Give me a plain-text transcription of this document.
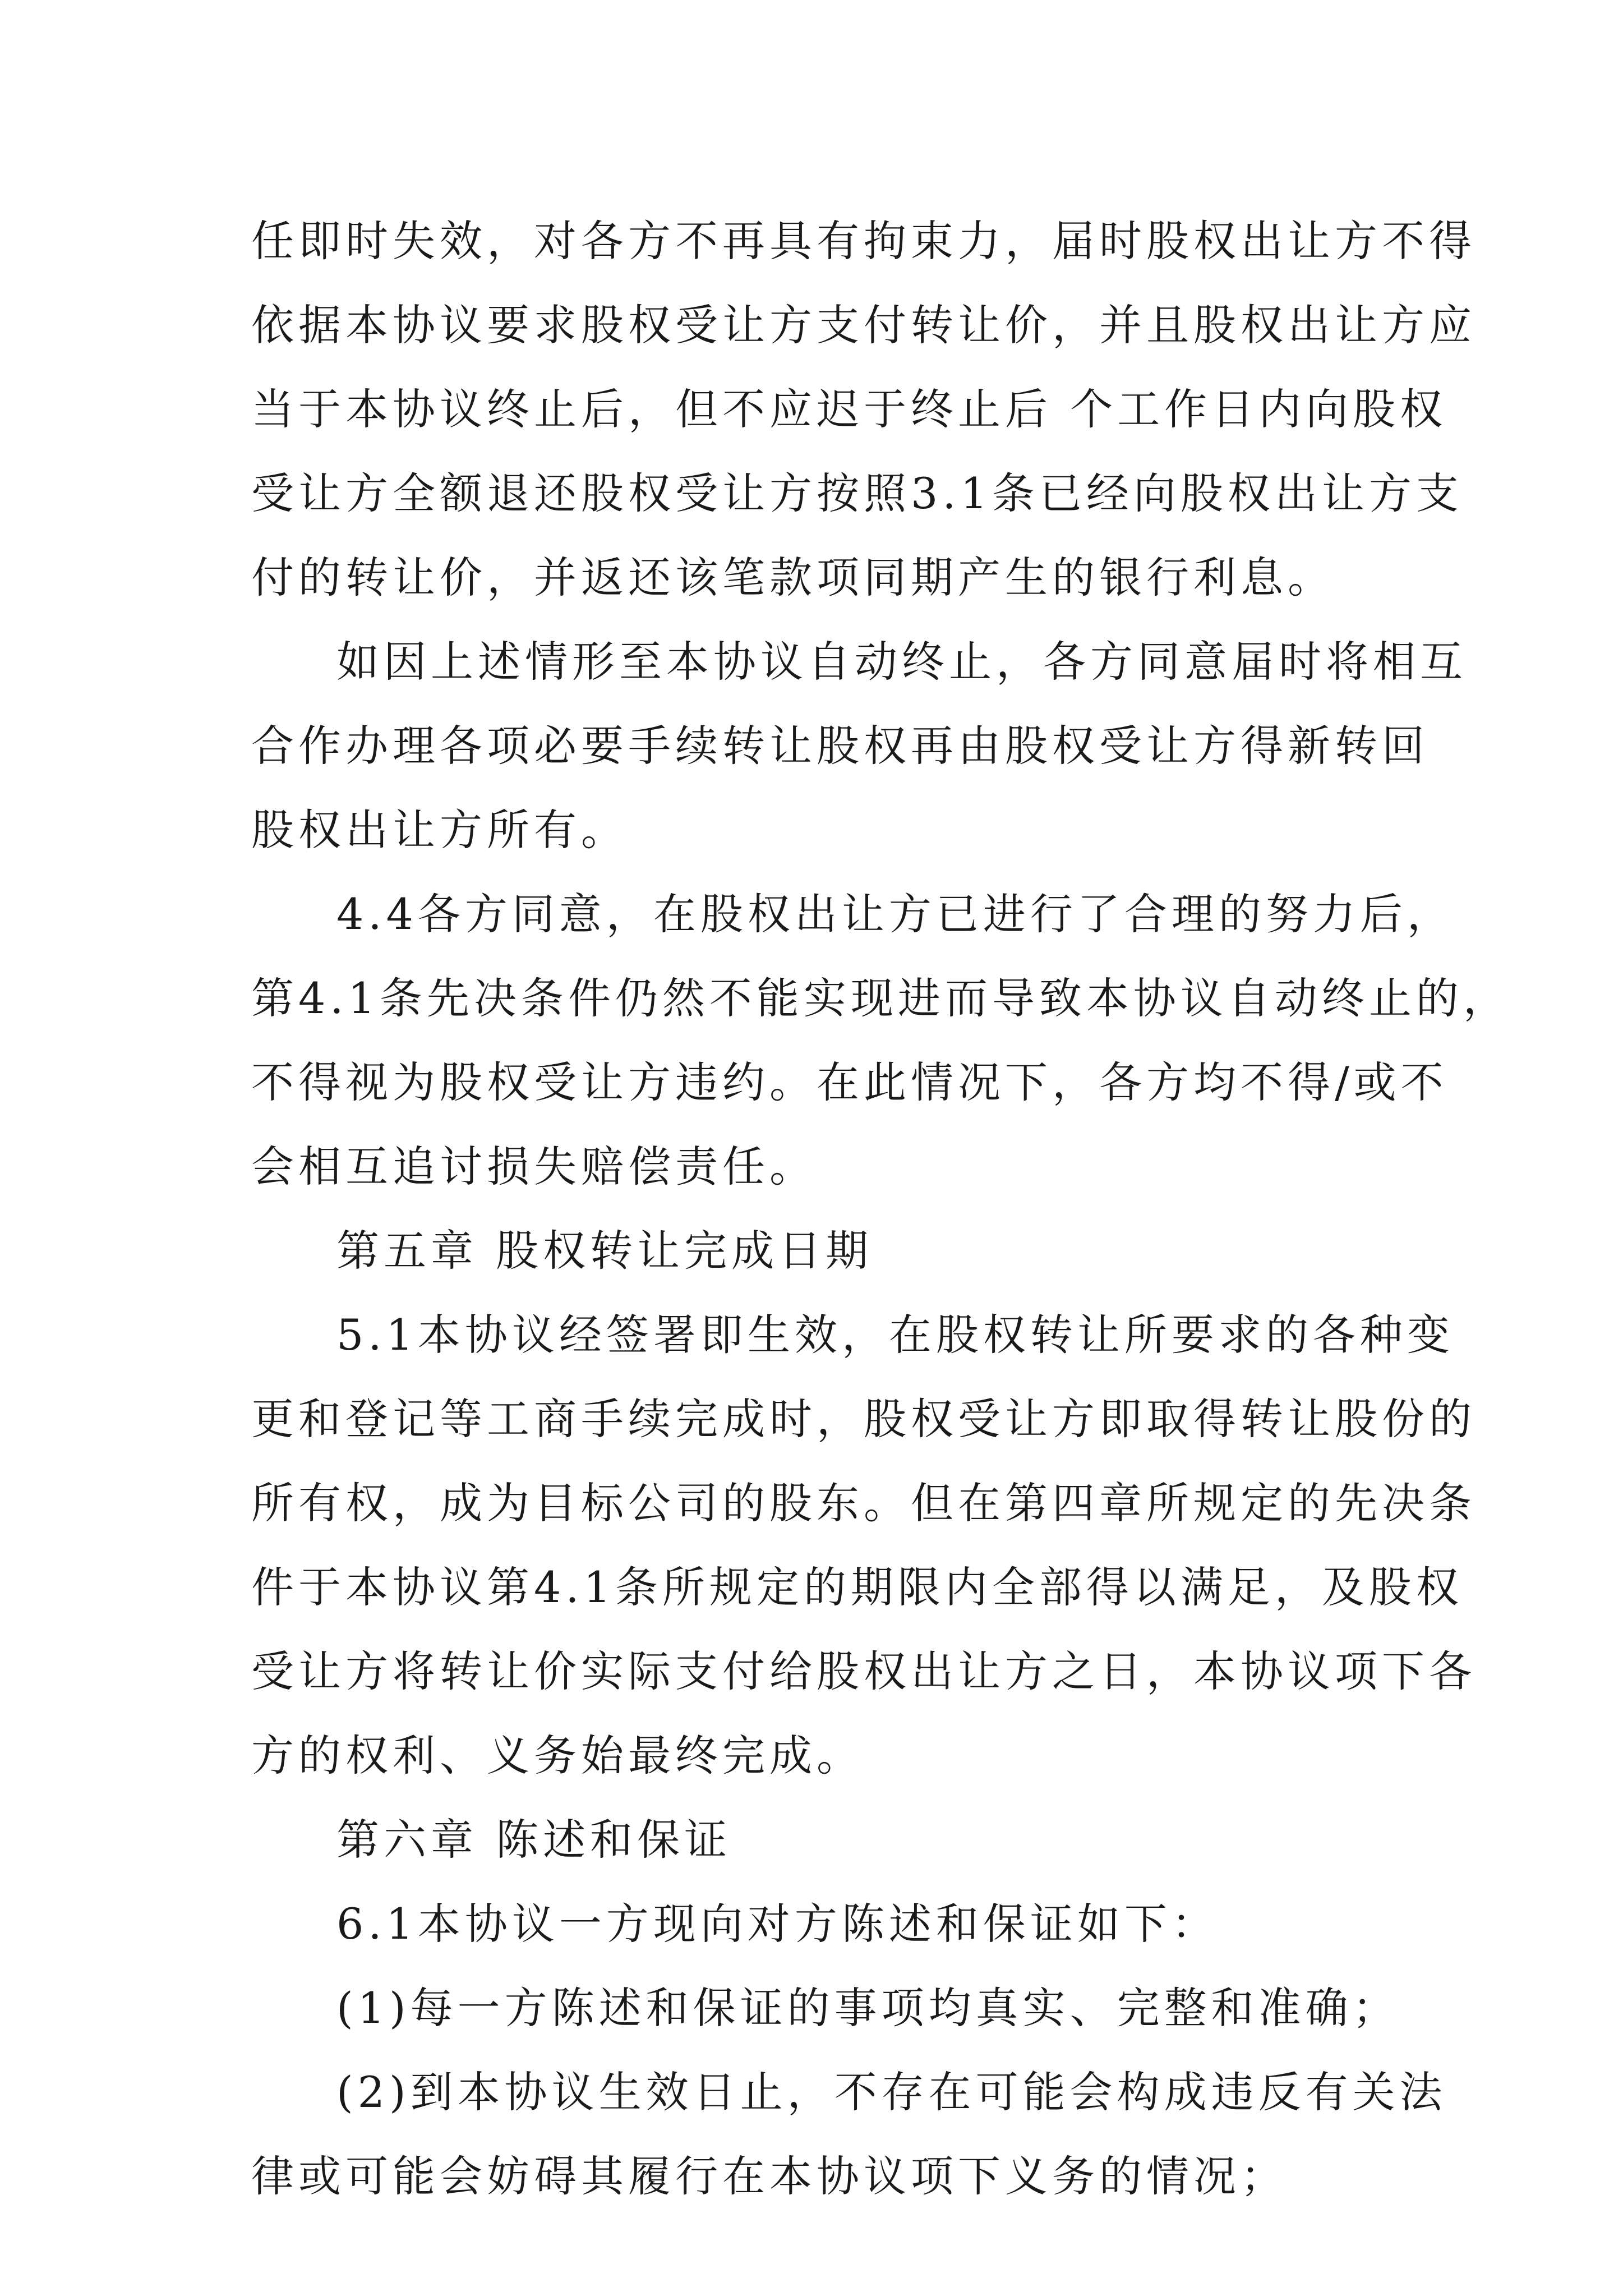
任即时失效，对各方不再具有拘束力，届时股权出让方不得
依据本协议要求股权受让方支付转让价，并且股权出让方应
当于本协议终止后，但不应迟于终止后 个工作日内向股权
受让方全额退还股权受让方按照3.1条已经向股权出让方支
付的转让价，并返还该笔款项同期产生的银行利息。
如因上述情形至本协议自动终止，各方同意届时将相互
合作办理各项必要手续转让股权再由股权受让方得新转回
股权出让方所有。
4.4各方同意，在股权出让方已进行了合理的努力后，
第4.1条先决条件仍然不能实现进而导致本协议自动终止的，
不得视为股权受让方违约。在此情况下，各方均不得/或不
会相互追讨损失赔偿责任。
第五章 股权转让完成日期
5.1本协议经签署即生效，在股权转让所要求的各种变
更和登记等工商手续完成时，股权受让方即取得转让股份的
所有权，成为目标公司的股东。但在第四章所规定的先决条
件于本协议第4.1条所规定的期限内全部得以满足，及股权
受让方将转让价实际支付给股权出让方之日，本协议项下各
方的权利、义务始最终完成。
第六章 陈述和保证
6.1本协议一方现向对方陈述和保证如下：
(1)每一方陈述和保证的事项均真实、完整和准确；
(2)到本协议生效日止，不存在可能会构成违反有关法
律或可能会妨碍其履行在本协议项下义务的情况；
